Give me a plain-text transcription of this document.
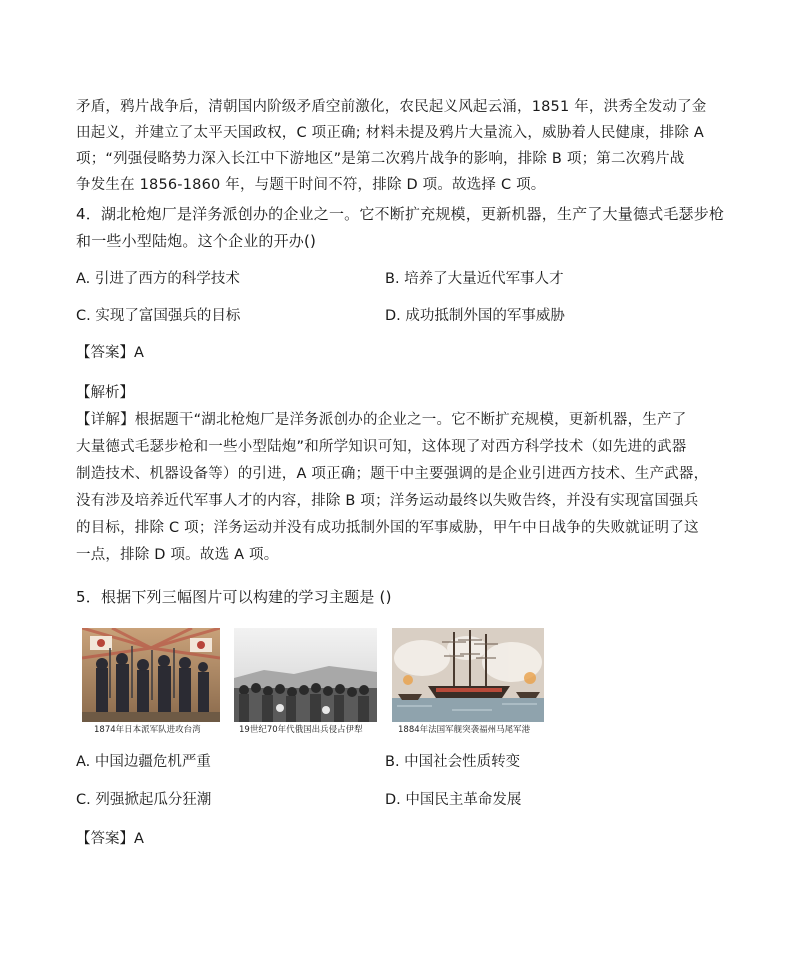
矛盾，鸦片战争后，清朝国内阶级矛盾空前激化，农民起义风起云涌，1851 年，洪秀全发动了金
田起义，并建立了太平天国政权，C 项正确; 材料未提及鸦片大量流入，威胁着人民健康，排除 A
项；“列强侵略势力深入长江中下游地区”是第二次鸦片战争的影响，排除 B 项；第二次鸦片战
争发生在 1856-1860 年，与题干时间不符，排除 D 项。故选择 C 项。
4．湖北枪炮厂是洋务派创办的企业之一。它不断扩充规模，更新机器，生产了大量德式毛瑟步枪
和一些小型陆炮。这个企业的开办()
A. 引进了西方的科学技术	B. 培养了大量近代军事人才
C. 实现了富国强兵的目标	D. 成功抵制外国的军事威胁
【答案】A
【解析】
【详解】根据题干“湖北枪炮厂是洋务派创办的企业之一。它不断扩充规模，更新机器，生产了
大量德式毛瑟步枪和一些小型陆炮”和所学知识可知，这体现了对西方科学技术（如先进的武器
制造技术、机器设备等）的引进，A 项正确；题干中主要强调的是企业引进西方技术、生产武器，
没有涉及培养近代军事人才的内容，排除 B 项；洋务运动最终以失败告终，并没有实现富国强兵
的目标，排除 C 项；洋务运动并没有成功抵制外国的军事威胁，甲午中日战争的失败就证明了这
一点，排除 D 项。故选 A 项。
5．根据下列三幅图片可以构建的学习主题是 ()
1874年日本派军队进攻台湾	19世纪70年代俄国出兵侵占伊犁	1884年法国军舰突袭福州马尾军港
A. 中国边疆危机严重	B. 中国社会性质转变
C. 列强掀起瓜分狂潮	D. 中国民主革命发展
【答案】A
